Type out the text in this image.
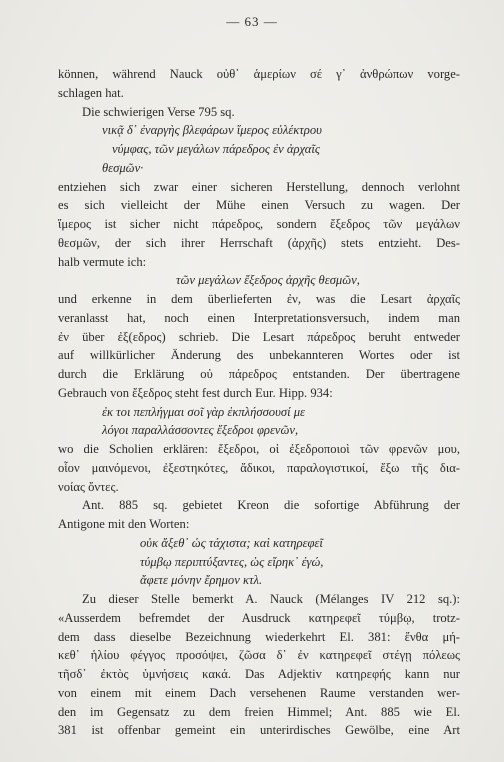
— 63 —
können, während Nauck οὐθ᾿ ἁμερίων σέ γ᾿ ἀνθρώπων vorge-
schlagen hat.
Die schwierigen Verse 795 sq.
νικᾷ δ᾿ ἐναργὴς βλεφάρων ἵμερος εὐλέκτρου
νύμφας, τῶν μεγάλων πάρεδρος ἐν ἀρχαῖς
θεσμῶν·
entziehen sich zwar einer sicheren Herstellung, dennoch verlohnt
es sich vielleicht der Mühe einen Versuch zu wagen. Der
ἵμερος ist sicher nicht πάρεδρος, sondern ἔξεδρος τῶν μεγάλων
θεσμῶν, der sich ihrer Herrschaft (ἀρχῆς) stets entzieht. Des-
halb vermute ich:
τῶν μεγάλων ἔξεδρος ἀρχῆς θεσμῶν,
und erkenne in dem überlieferten ἐν, was die Lesart ἀρχαῖς
veranlasst hat, noch einen Interpretationsversuch, indem man
ἐν über ἐξ(εδρος) schrieb. Die Lesart πάρεδρος beruht entweder
auf willkürlicher Änderung des unbekannteren Wortes oder ist
durch die Erklärung οὐ πάρεδρος entstanden. Der übertragene
Gebrauch von ἔξεδρος steht fest durch Eur. Hipp. 934:
ἐκ τοι πεπλήγμαι σοῖ γὰρ ἐκπλήσσουσί με
λόγοι παραλλάσσοντες ἔξεδροι φρενῶν,
wo die Scholien erklären: ἔξεδροι, οἱ ἐξεδροποιοὶ τῶν φρενῶν μου,
οἷον μαινόμενοι, ἐξεστηκότες, ἄδικοι, παραλογιστικοί, ἔξω τῆς δια-
νοίας ὄντες.
Ant. 885 sq. gebietet Kreon die sofortige Abführung der
Antigone mit den Worten:
οὐκ ἄξεθ᾿ ὡς τάχιστα; καὶ κατηρεφεῖ
τύμβῳ περιπτύξαντες, ὡς εἴρηκ᾿ ἐγώ,
ἄφετε μόνην ἔρημον κτλ.
Zu dieser Stelle bemerkt A. Nauck (Mélanges IV 212 sq.):
«Ausserdem befremdet der Ausdruck κατηρεφεῖ τύμβῳ, trotz-
dem dass dieselbe Bezeichnung wiederkehrt El. 381: ἔνθα μή-
κεθ᾿ ἡλίου φέγγος προσόψει, ζῶσα δ᾿ ἐν κατηρεφεῖ στέγῃ πόλεως
τῆσδ᾿ ἐκτὸς ὑμνήσεις κακά. Das Adjektiv κατηρεφής kann nur
von einem mit einem Dach versehenen Raume verstanden wer-
den im Gegensatz zu dem freien Himmel; Ant. 885 wie El.
381 ist offenbar gemeint ein unterirdisches Gewölbe, eine Art
